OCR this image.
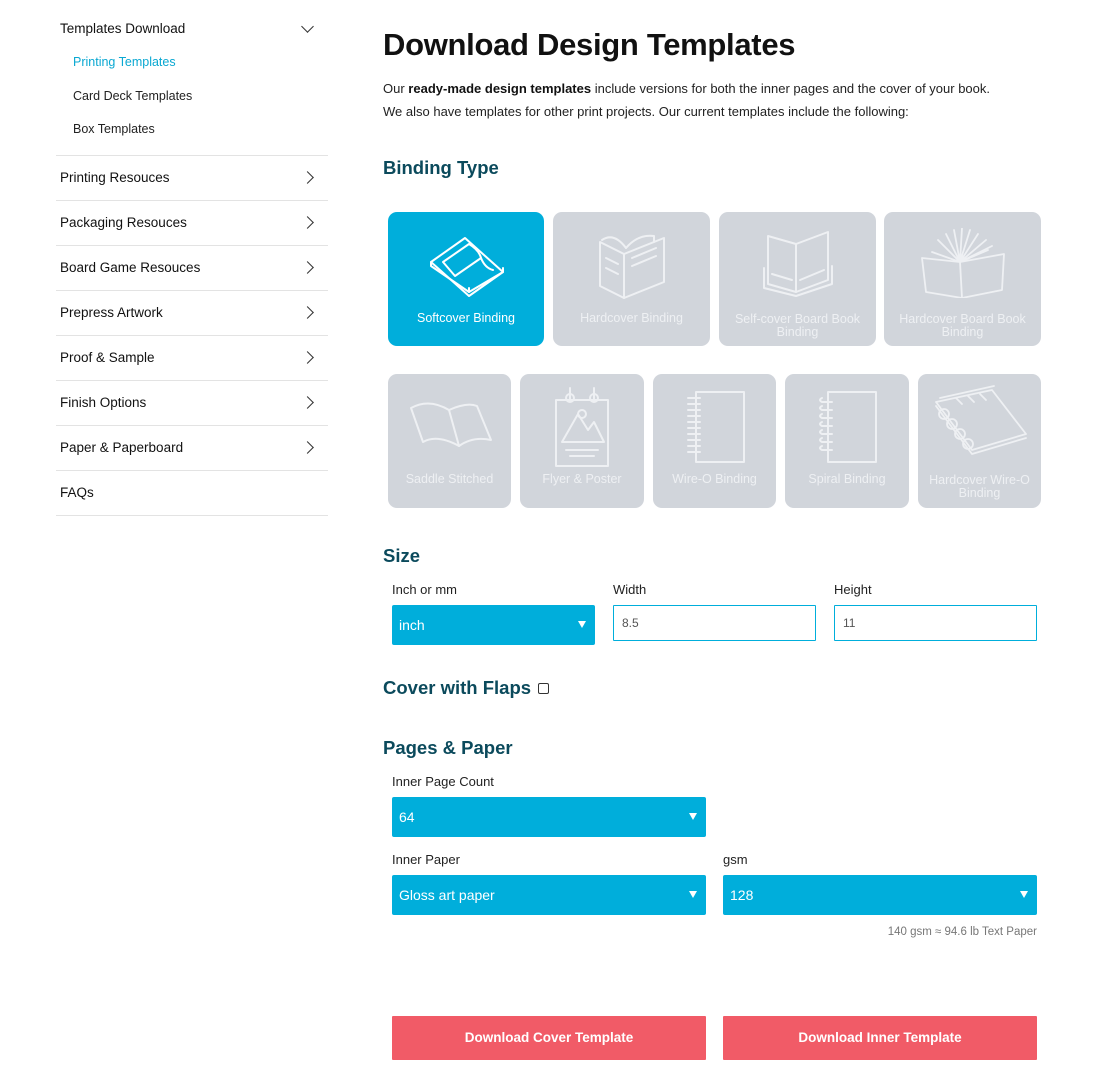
Templates Download
Printing Templates
Card Deck Templates
Box Templates
Printing Resouces
Packaging Resouces
Board Game Resouces
Prepress Artwork
Proof & Sample
Finish Options
Paper & Paperboard
FAQs
Download Design Templates
Our ready-made design templates include versions for both the inner pages and the cover of your book.
We also have templates for other print projects. Our current templates include the following:
Binding Type
Softcover Binding	Hardcover Binding	Self-cover Board Book Binding
Hardcover Board Book Binding
Saddle Stitched	Flyer & Poster	Wire-O Binding	Spiral Binding	Hardcover Wire-O Binding
Size
Inch or mm
inch
Width
8.5	Height
11
Cover with Flaps
Pages & Paper
Inner Page Count
64
Inner Paper
Gloss art paper
gsm
128
140 gsm ≈ 94.6 lb Text Paper
Download Cover Template	Download Inner Template
